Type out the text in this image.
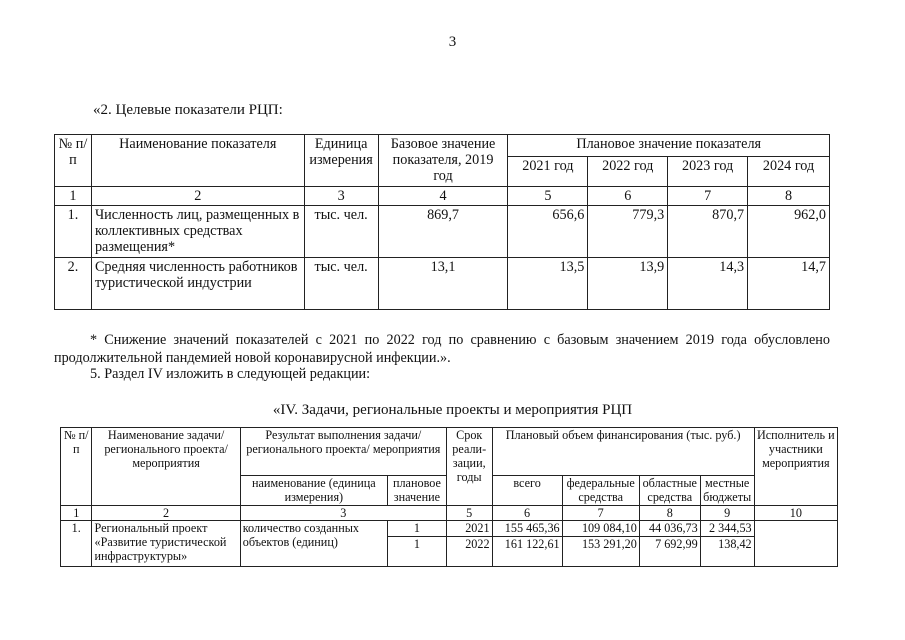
3
«2. Целевые показатели РЦП:
№ п/п	Наименование показателя	Единица измерения	Базовое значение показателя, 2019 год	Плановое значение показателя			
				2021 год	2022 год	2023 год	2024 год
1	2	3	4	5	6	7	8
1.	Численность лиц, размещенных в коллективных средствах размещения*	тыс. чел.	869,7	656,6	779,3	870,7	962,0
2.	Средняя численность работников туристической индустрии	тыс. чел.	13,1	13,5	13,9	14,3	14,7
* Снижение значений показателей с 2021 по 2022 год по сравнению с базовым значением 2019 года обусловлено продолжительной пандемией новой коронавирусной инфекции.».
5. Раздел IV изложить в следующей редакции:
«IV. Задачи, региональные проекты и мероприятия РЦП
№ п/п	Наименование задачи/ регионального проекта/ мероприятия	Результат выполнения задачи/ регионального проекта/ мероприятия		Срок реали-зации, годы	Плановый объем финансирования (тыс. руб.)				Исполнитель и участники мероприятия
		наименование (единица измерения)	плановое значение		всего	федеральные средства	областные средства	местные бюджеты	
1	2	3		5	6	7	8	9	10
1.	Региональный проект «Развитие туристической инфраструктуры»	количество созданных объектов (единиц)	1	2021	155 465,36	109 084,10	44 036,73	2 344,53	
			1	2022	161 122,61	153 291,20	7 692,99	138,42	
